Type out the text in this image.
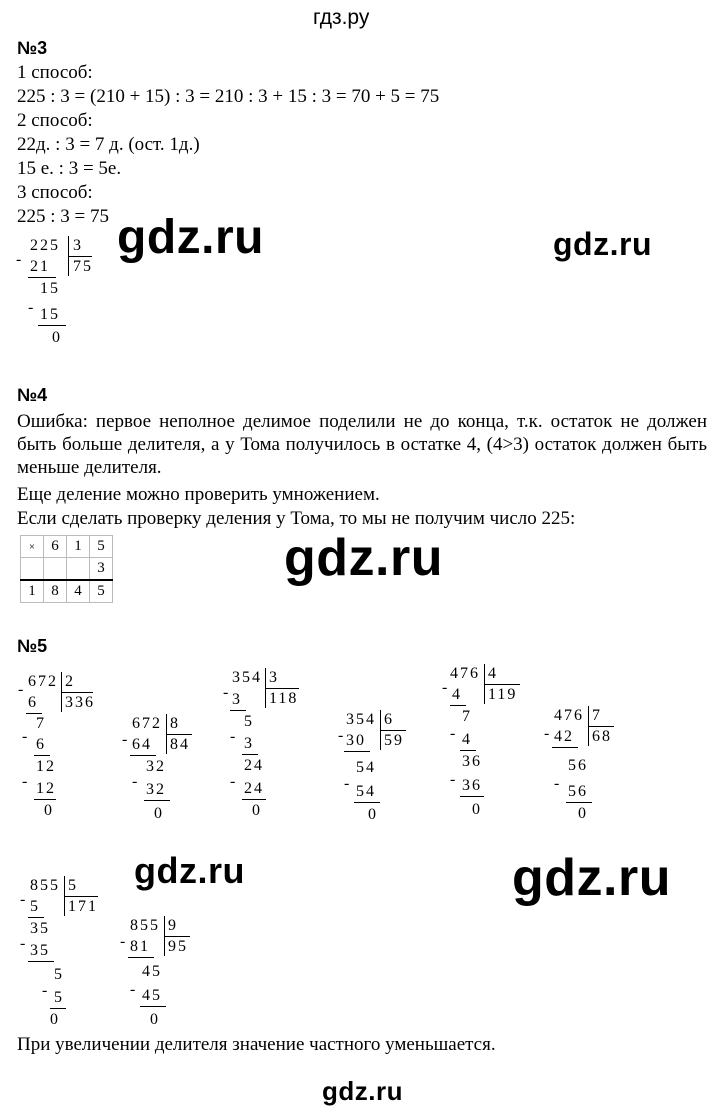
гдз.ру
№3
1 способ:
225 : 3 = (210 + 15) : 3 = 210 : 3 + 15 : 3 = 70 + 5 = 75
2 способ:
22д. : 3 = 7 д. (ост. 1д.)
15 е. : 3 = 5е.
3 способ:
225 : 3 = 75
225 3
- 21 75
15
- 15
0
gdz.ru	gdz.ru
№4
Ошибка: первое неполное делимое поделили не до конца, т.к. остаток не должен быть больше делителя, а у Тома получилось в остатке 4, (4>3) остаток должен быть меньше делителя.
Еще деление можно проверить умножением.
Если сделать проверку деления у Тома, то мы не получим число 225:
×	6	1	5
			3
1	8	4	5
gdz.ru
№5
672 2
-
6 336
7
- 6
12
- 12
0
672 8
- 64 84
32
- 32
0
354 3
- 3 118
5
- 3
24
- 24
0
354 6
- 30 59
54
- 54
0
476 4
- 4 119
7
- 4
36
- 36
0
476 7
- 42 68
56
- 56
0
855 5
- 5 171
35
- 35
5
- 5
0
855 9
- 81 95
45
- 45
0
gdz.ru	gdz.ru
При увеличении делителя значение частного уменьшается.
gdz.ru
